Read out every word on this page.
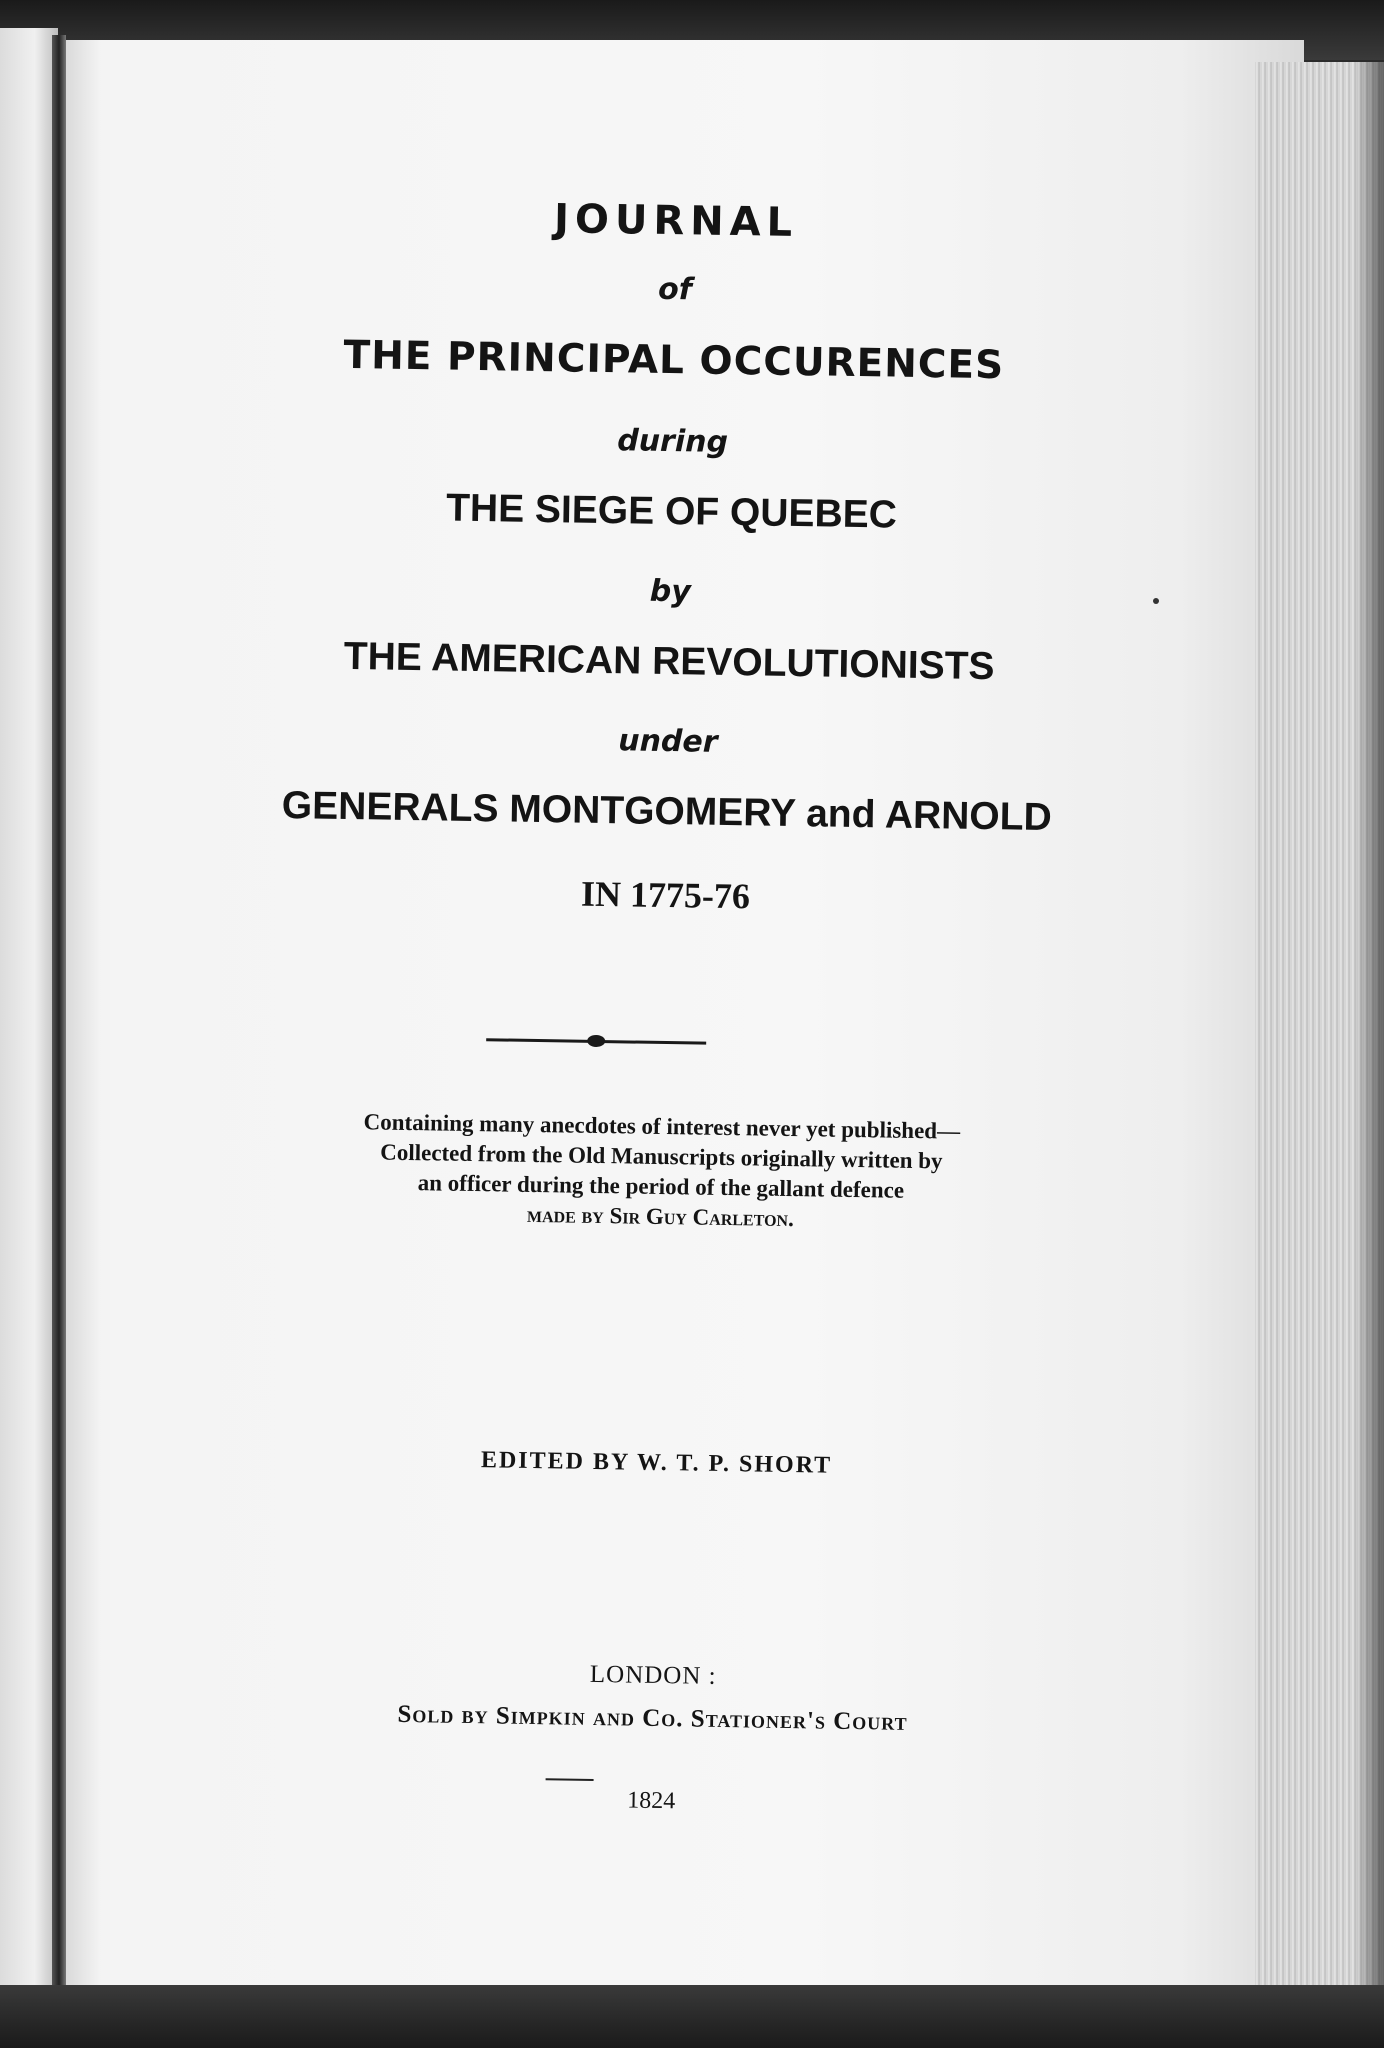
JOURNAL
of
THE PRINCIPAL OCCURENCES
during
THE SIEGE OF QUEBEC
by
THE AMERICAN REVOLUTIONISTS
under
GENERALS MONTGOMERY and ARNOLD
IN 1775-76
Containing many anecdotes of interest never yet published—
Collected from the Old Manuscripts originally written by
an officer during the period of the gallant defence
made by Sir Guy Carleton.
EDITED BY W. T. P. SHORT
LONDON :
Sold by Simpkin and Co. Stationer's Court
1824
